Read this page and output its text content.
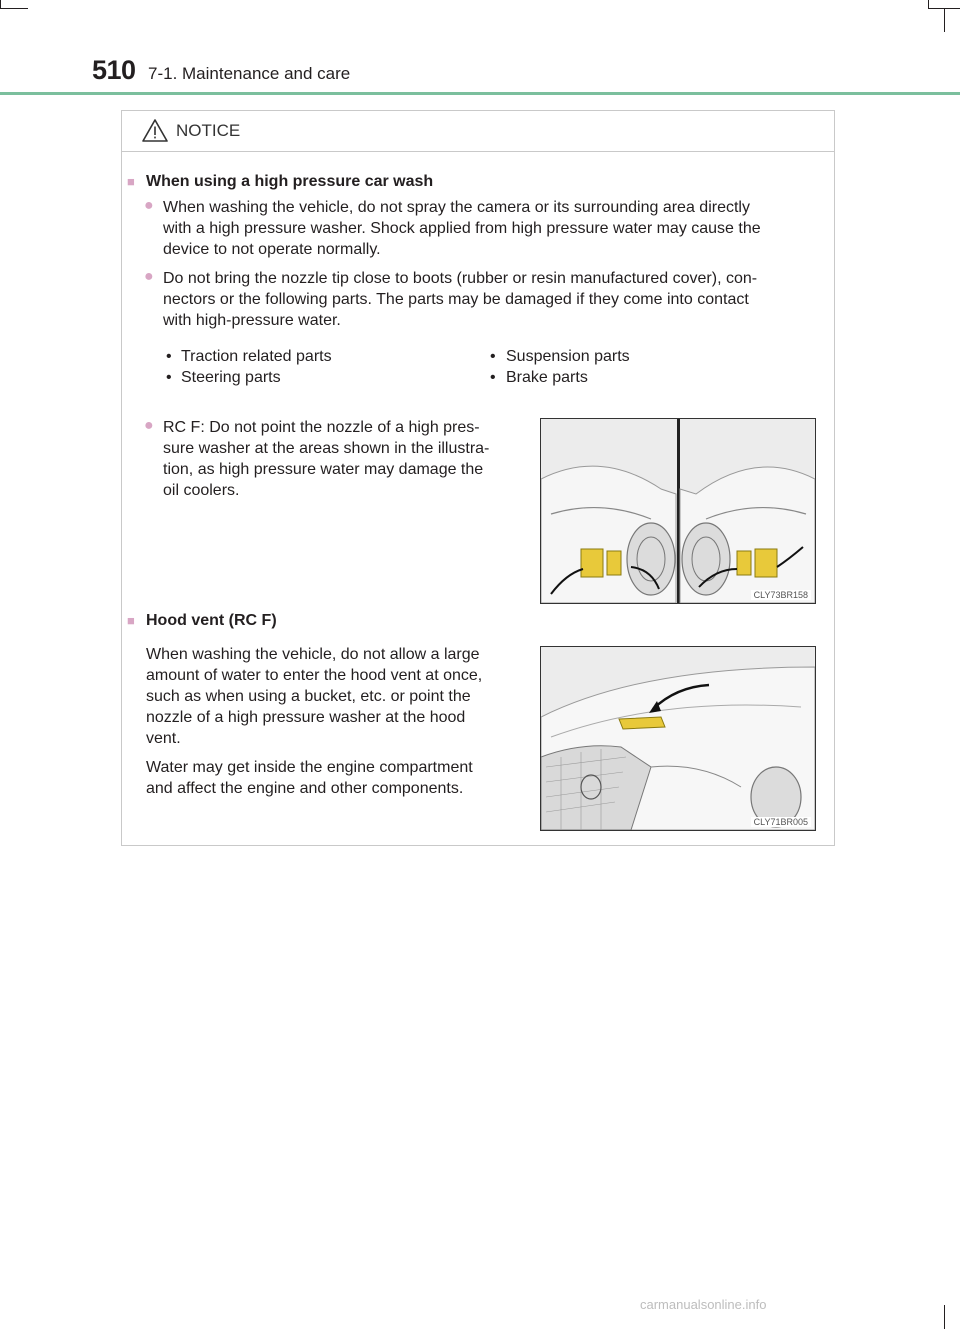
510 7-1. Maintenance and care
NOTICE
■ When using a high pressure car wash
● When washing the vehicle, do not spray the camera or its surrounding area directly
with a high pressure washer. Shock applied from high pressure water may cause the
device to not operate normally.
● Do not bring the nozzle tip close to boots (rubber or resin manufactured cover), con-
nectors or the following parts. The parts may be damaged if they come into contact
with high-pressure water.
• Traction related parts
• Steering parts
• Suspension parts
• Brake parts
● RC F: Do not point the nozzle of a high pres-
sure washer at the areas shown in the illustra-
tion, as high pressure water may damage the
oil coolers.
CLY73BR158
■ Hood vent (RC F)
When washing the vehicle, do not allow a large
amount of water to enter the hood vent at once,
such as when using a bucket, etc. or point the
nozzle of a high pressure washer at the hood
vent.
Water may get inside the engine compartment
and affect the engine and other components.
CLY71BR005
carmanualsonline.info
